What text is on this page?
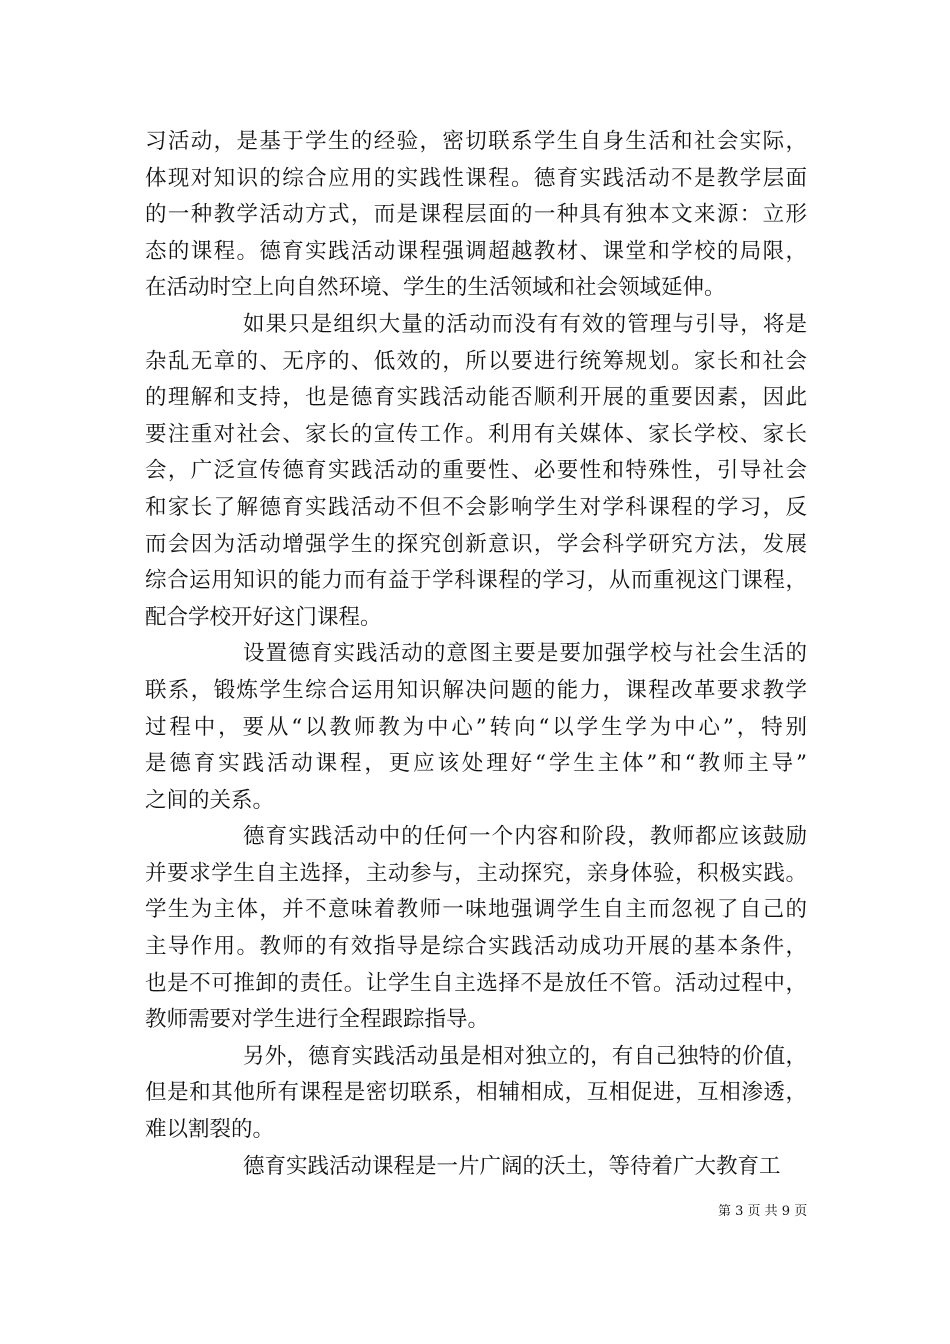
习活动，是基于学生的经验，密切联系学生自身生活和社会实际，
体现对知识的综合应用的实践性课程。德育实践活动不是教学层面
的一种教学活动方式，而是课程层面的一种具有独本文来源：立形
态的课程。德育实践活动课程强调超越教材、课堂和学校的局限，
在活动时空上向自然环境、学生的生活领域和社会领域延伸。
如果只是组织大量的活动而没有有效的管理与引导，将是
杂乱无章的、无序的、低效的，所以要进行统筹规划。家长和社会
的理解和支持，也是德育实践活动能否顺利开展的重要因素，因此
要注重对社会、家长的宣传工作。利用有关媒体、家长学校、家长
会，广泛宣传德育实践活动的重要性、必要性和特殊性，引导社会
和家长了解德育实践活动不但不会影响学生对学科课程的学习，反
而会因为活动增强学生的探究创新意识，学会科学研究方法，发展
综合运用知识的能力而有益于学科课程的学习，从而重视这门课程，
配合学校开好这门课程。
设置德育实践活动的意图主要是要加强学校与社会生活的
联系，锻炼学生综合运用知识解决问题的能力，课程改革要求教学
过程中，要从“以教师教为中心”转向“以学生学为中心”，特别
是德育实践活动课程，更应该处理好“学生主体”和“教师主导”
之间的关系。
德育实践活动中的任何一个内容和阶段，教师都应该鼓励
并要求学生自主选择，主动参与，主动探究，亲身体验，积极实践。
学生为主体，并不意味着教师一味地强调学生自主而忽视了自己的
主导作用。教师的有效指导是综合实践活动成功开展的基本条件，
也是不可推卸的责任。让学生自主选择不是放任不管。活动过程中，
教师需要对学生进行全程跟踪指导。
另外，德育实践活动虽是相对独立的，有自己独特的价值，
但是和其他所有课程是密切联系，相辅相成，互相促进，互相渗透，
难以割裂的。
德育实践活动课程是一片广阔的沃土，等待着广大教育工
第 3 页 共 9 页
